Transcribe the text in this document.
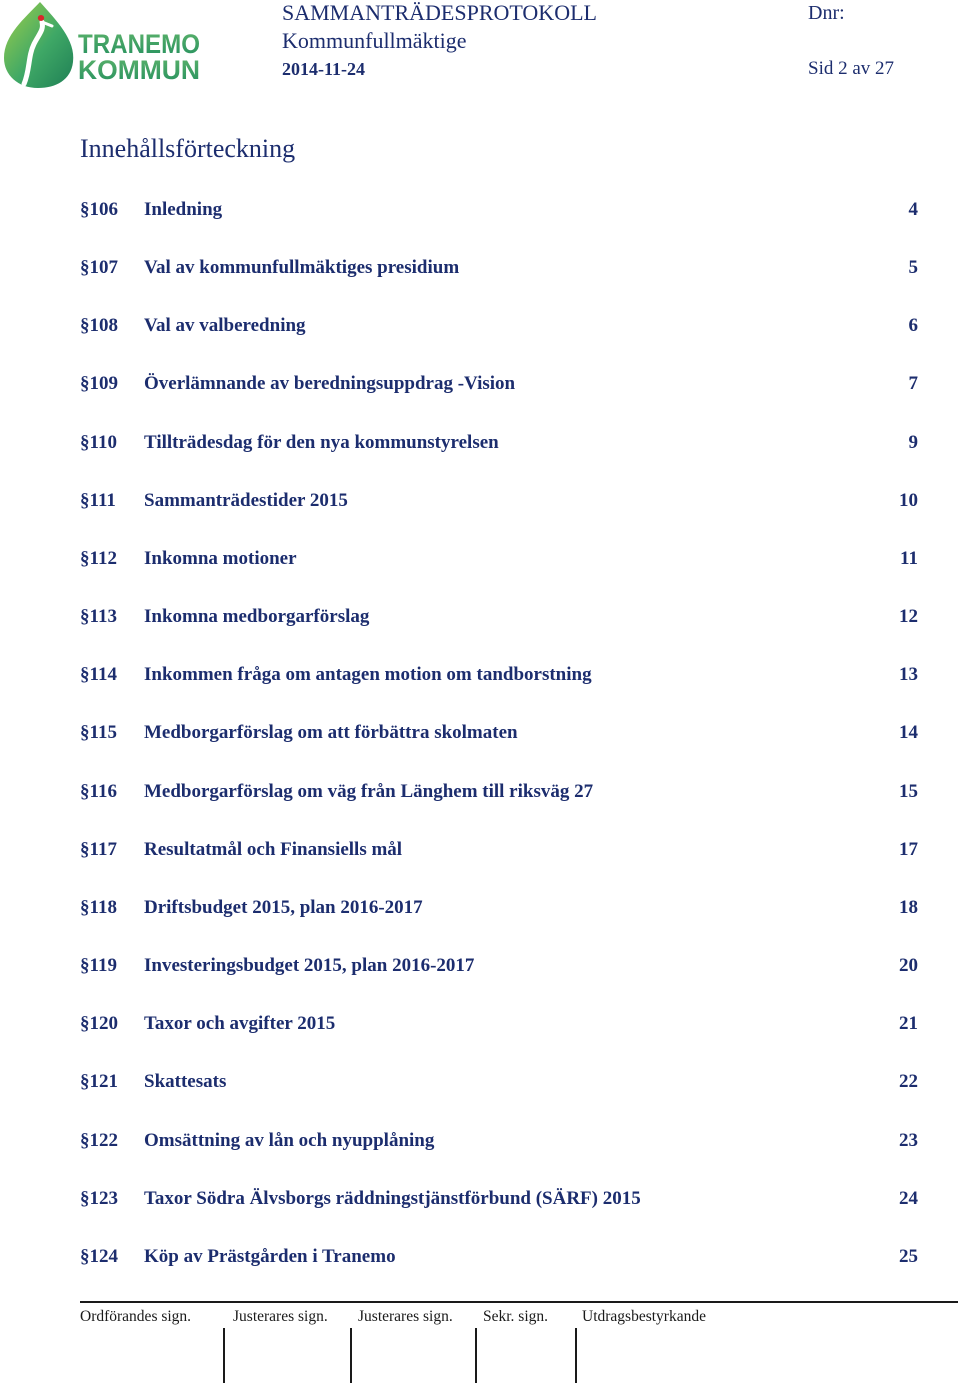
TRANEMO
KOMMUN
SAMMANTRÄDESPROTOKOLL
Kommunfullmäktige
2014-11-24
Dnr:
Sid 2 av 27
Innehållsförteckning
§106 Inledning	4
§107 Val av kommunfullmäktiges presidium	5
§108 Val av valberedning	6
§109 Överlämnande av beredningsuppdrag -Vision	7
§110 Tillträdesdag för den nya kommunstyrelsen	9
§111 Sammanträdestider 2015	10
§112 Inkomna motioner	11
§113 Inkomna medborgarförslag	12
§114 Inkommen fråga om antagen motion om tandborstning	13
§115 Medborgarförslag om att förbättra skolmaten	14
§116 Medborgarförslag om väg från Länghem till riksväg 27	15
§117 Resultatmål och Finansiells mål	17
§118 Driftsbudget 2015, plan 2016-2017	18
§119 Investeringsbudget 2015, plan 2016-2017	20
§120 Taxor och avgifter 2015	21
§121 Skattesats	22
§122 Omsättning av lån och nyupplåning	23
§123 Taxor Södra Älvsborgs räddningstjänstförbund (SÄRF) 2015	24
§124 Köp av Prästgården i Tranemo	25
Ordförandes sign.	Justerares sign. Justerares sign. Sekr. sign. Utdragsbestyrkande
